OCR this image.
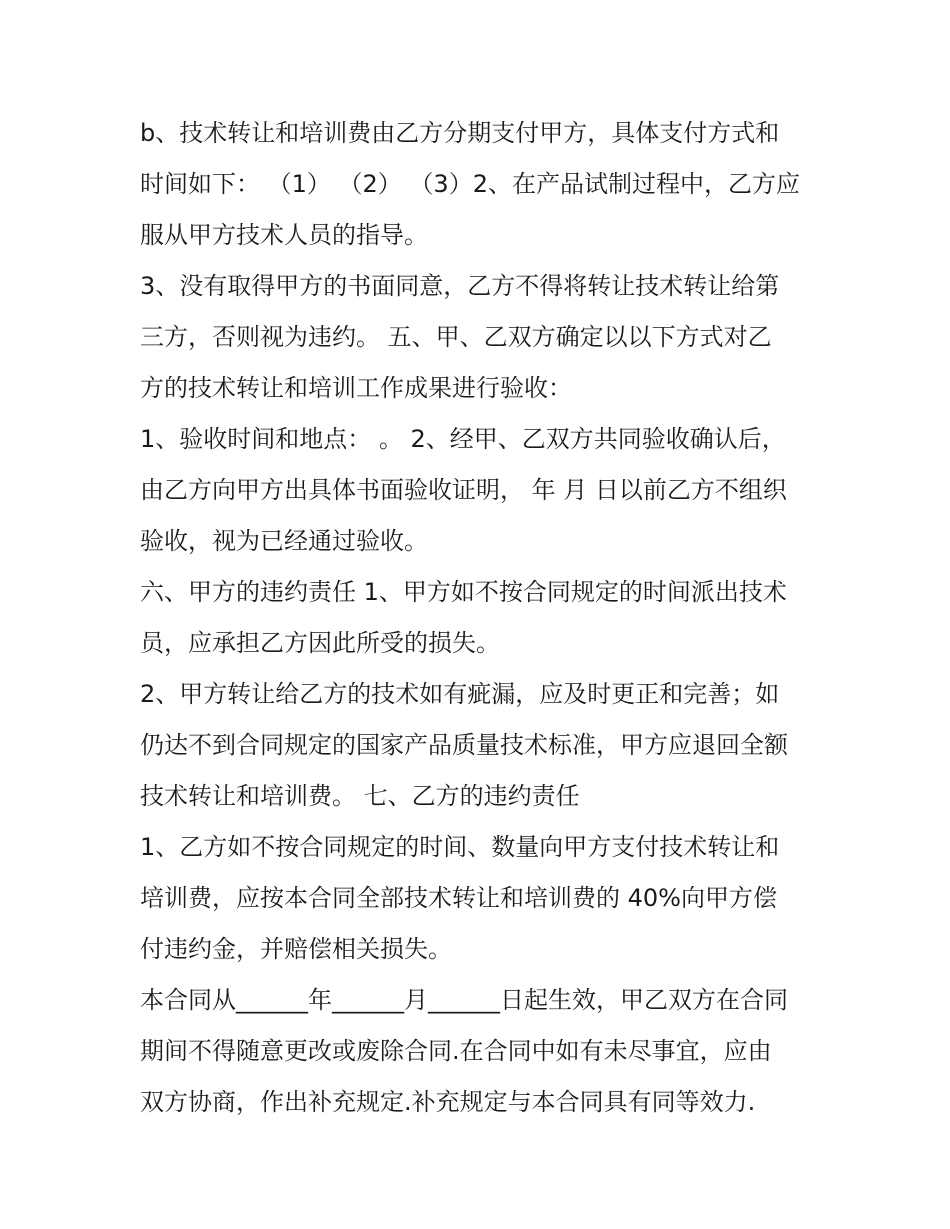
b、技术转让和培训费由乙方分期支付甲方，具体支付方式和
时间如下： （1） （2） （3）2、在产品试制过程中，乙方应
服从甲方技术人员的指导。
3、没有取得甲方的书面同意，乙方不得将转让技术转让给第
三方，否则视为违约。 五、甲、乙双方确定以以下方式对乙
方的技术转让和培训工作成果进行验收：
1、验收时间和地点： 。 2、经甲、乙双方共同验收确认后，
由乙方向甲方出具体书面验收证明， 年 月 日以前乙方不组织
验收，视为已经通过验收。
六、甲方的违约责任 1、甲方如不按合同规定的时间派出技术
员，应承担乙方因此所受的损失。
2、甲方转让给乙方的技术如有疵漏，应及时更正和完善；如
仍达不到合同规定的国家产品质量技术标准，甲方应退回全额
技术转让和培训费。 七、乙方的违约责任
1、乙方如不按合同规定的时间、数量向甲方支付技术转让和
培训费，应按本合同全部技术转让和培训费的 40%向甲方偿
付违约金，并赔偿相关损失。
本合同从______年______月______日起生效，甲乙双方在合同
期间不得随意更改或废除合同.在合同中如有未尽事宜，应由
双方协商，作出补充规定.补充规定与本合同具有同等效力.
